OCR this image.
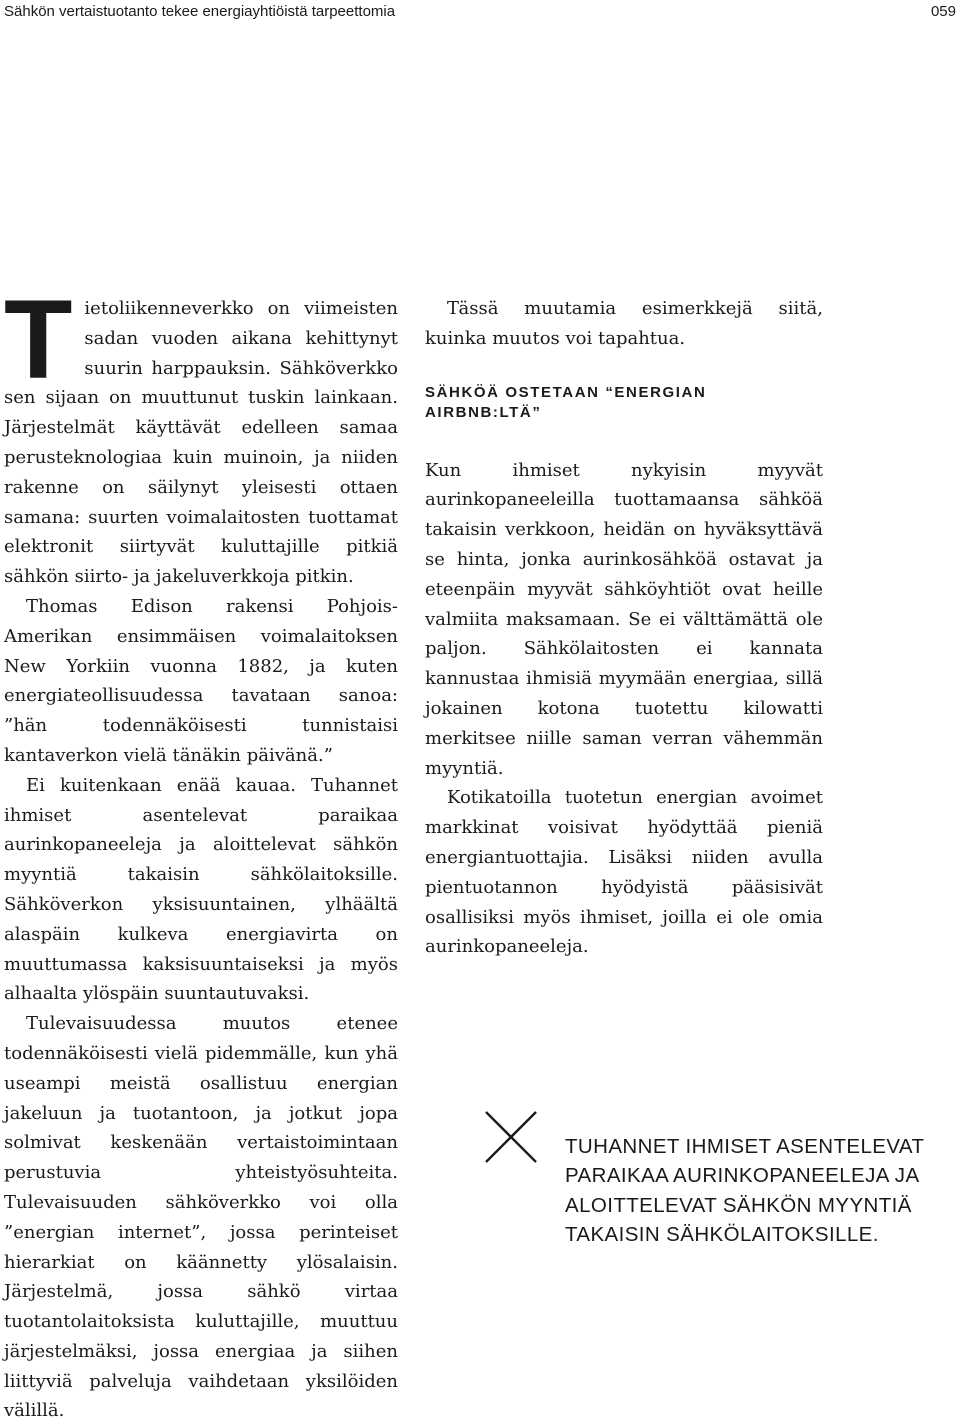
Sähkön vertaistuotanto tekee energiayhtiöistä tarpeettomia	059

Tietoliikenneverkko on viimeisten sadan vuoden aikana kehittynyt suurin harppauksin. Sähköverkko sen sijaan on muuttunut tuskin lainkaan. Järjestelmät käyttävät edelleen samaa perusteknologiaa kuin muinoin, ja niiden rakenne on säilynyt yleisesti ottaen samana: suurten voimalaitosten tuottamat elektronit siirtyvät kuluttajille pitkiä sähkön siirto- ja jakeluverkkoja pitkin.

Thomas Edison rakensi Pohjois-Amerikan ensimmäisen voimalaitoksen New Yorkiin vuonna 1882, ja kuten energiateollisuudessa tavataan sanoa: ”hän todennäköisesti tunnistaisi kantaverkon vielä tänäkin päivänä.”

Ei kuitenkaan enää kauaa. Tuhannet ihmiset asentelevat paraikaa aurinkopaneeleja ja aloittelevat sähkön myyntiä takaisin sähkölaitoksille. Sähköverkon yksisuuntainen, ylhäältä alaspäin kulkeva energiavirta on muuttumassa kaksisuuntaiseksi ja myös alhaalta ylöspäin suuntautuvaksi.

Tulevaisuudessa muutos etenee todennäköisesti vielä pidemmälle, kun yhä useampi meistä osallistuu energian jakeluun ja tuotantoon, ja jotkut jopa solmivat keskenään vertaistoimintaan perustuvia yhteistyösuhteita. Tulevaisuuden sähköverkko voi olla ”energian internet”, jossa perinteiset hierarkiat on käännetty ylösalaisin. Järjestelmä, jossa sähkö virtaa tuotantolaitoksista kuluttajille, muuttuu järjestelmäksi, jossa energiaa ja siihen liittyviä palveluja vaihdetaan yksilöiden välillä.

Tässä muutamia esimerkkejä siitä, kuinka muutos voi tapahtua.

SÄHKÖÄ OSTETAAN “ENERGIAN AIRBNB:LTÄ”

Kun ihmiset nykyisin myyvät aurinkopaneeleilla tuottamaansa sähköä takaisin verkkoon, heidän on hyväksyttävä se hinta, jonka aurinkosähköä ostavat ja eteenpäin myyvät sähköyhtiöt ovat heille valmiita maksamaan. Se ei välttämättä ole paljon. Sähkölaitosten ei kannata kannustaa ihmisiä myymään energiaa, sillä jokainen kotona tuotettu kilowatti merkitsee niille saman verran vähemmän myyntiä.

Kotikatoilla tuotetun energian avoimet markkinat voisivat hyödyttää pieniä energiantuottajia. Lisäksi niiden avulla pientuotannon hyödyistä pääsisivät osallisiksi myös ihmiset, joilla ei ole omia aurinkopaneeleja.

TUHANNET IHMISET ASENTELEVAT PARAIKAA AURINKOPANEELEJA JA ALOITTELEVAT SÄHKÖN MYYNTIÄ TAKAISIN SÄHKÖLAITOKSILLE.
